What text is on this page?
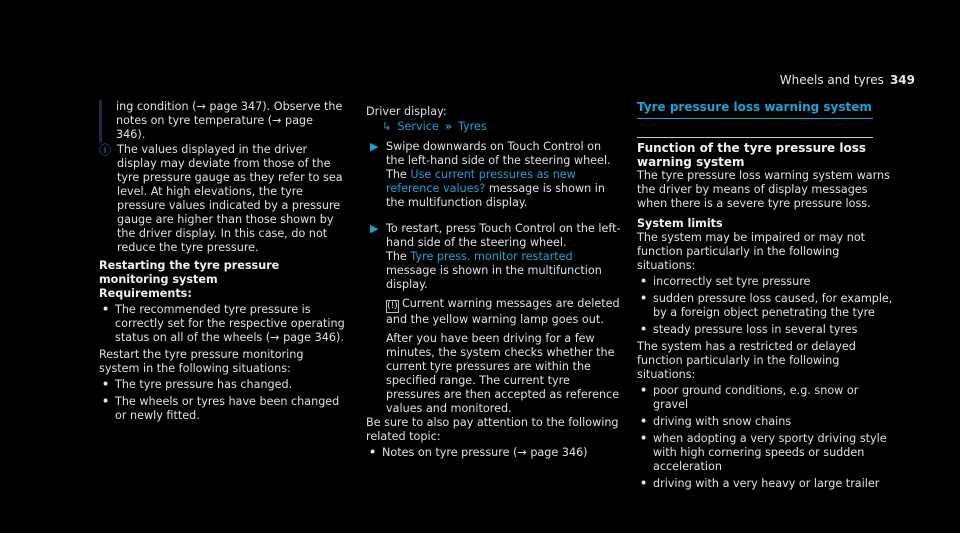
Wheels and tyres 349

ing condition (→ page 347). Observe the notes on tyre temperature (→ page 346).

ⓘ The values displayed in the driver display may deviate from those of the tyre pressure gauge as they refer to sea level. At high elevations, the tyre pressure values indicated by a pressure gauge are higher than those shown by the driver display. In this case, do not reduce the tyre pressure.

Restarting the tyre pressure monitoring system

Requirements:

• The recommended tyre pressure is correctly set for the respective operating status on all of the wheels (→ page 346).

Restart the tyre pressure monitoring system in the following situations:

• The tyre pressure has changed.
• The wheels or tyres have been changed or newly fitted.

Driver display:

↳ Service » Tyres

▶ Swipe downwards on Touch Control on the left-hand side of the steering wheel.

The Use current pressures as new reference values? message is shown in the multifunction display.

▶ To restart, press Touch Control on the left-hand side of the steering wheel.

The Tyre press. monitor restarted message is shown in the multifunction display.

(!) Current warning messages are deleted and the yellow warning lamp goes out.

After you have been driving for a few minutes, the system checks whether the current tyre pressures are within the specified range. The current tyre pressures are then accepted as reference values and monitored.

Be sure to also pay attention to the following related topic:

• Notes on tyre pressure (→ page 346)
Tyre pressure loss warning system
Function of the tyre pressure loss warning system

The tyre pressure loss warning system warns the driver by means of display messages when there is a severe tyre pressure loss.

System limits

The system may be impaired or may not function particularly in the following situations:

• incorrectly set tyre pressure
• sudden pressure loss caused, for example, by a foreign object penetrating the tyre
• steady pressure loss in several tyres

The system has a restricted or delayed function particularly in the following situations:

• poor ground conditions, e.g. snow or gravel
• driving with snow chains
• when adopting a very sporty driving style with high cornering speeds or sudden acceleration
• driving with a very heavy or large trailer
